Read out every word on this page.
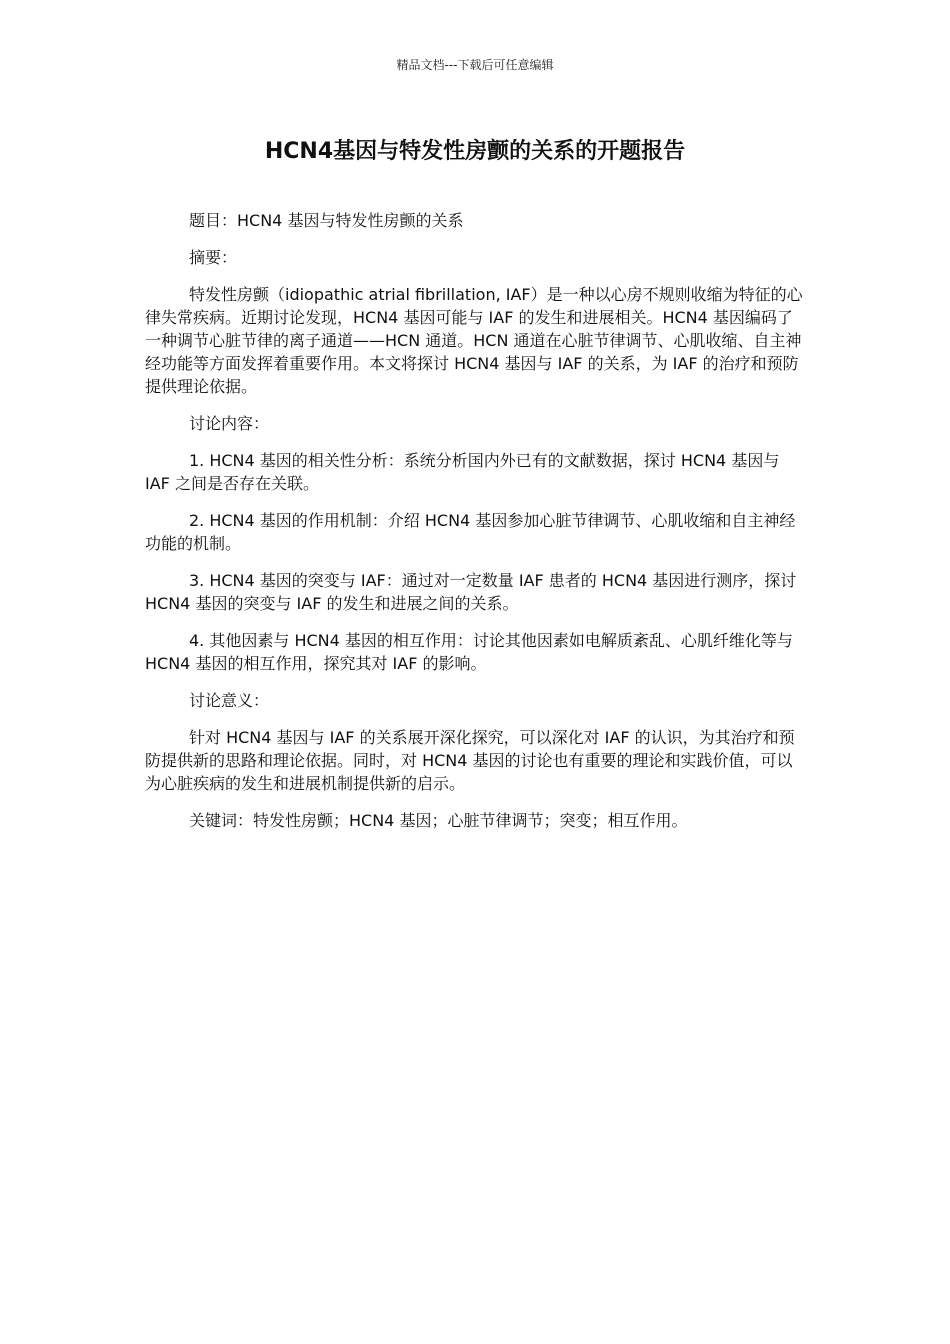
精品文档---下载后可任意编辑
HCN4基因与特发性房颤的关系的开题报告

题目：HCN4 基因与特发性房颤的关系

摘要：

特发性房颤（idiopathic atrial fibrillation, IAF）是一种以心房不规则收缩为特征的心律失常疾病。近期讨论发现，HCN4 基因可能与 IAF 的发生和进展相关。HCN4 基因编码了一种调节心脏节律的离子通道——HCN 通道。HCN 通道在心脏节律调节、心肌收缩、自主神经功能等方面发挥着重要作用。本文将探讨 HCN4 基因与 IAF 的关系，为 IAF 的治疗和预防提供理论依据。

讨论内容：

1. HCN4 基因的相关性分析：系统分析国内外已有的文献数据，探讨 HCN4 基因与 IAF 之间是否存在关联。

2. HCN4 基因的作用机制：介绍 HCN4 基因参加心脏节律调节、心肌收缩和自主神经功能的机制。

3. HCN4 基因的突变与 IAF：通过对一定数量 IAF 患者的 HCN4 基因进行测序，探讨 HCN4 基因的突变与 IAF 的发生和进展之间的关系。

4. 其他因素与 HCN4 基因的相互作用：讨论其他因素如电解质紊乱、心肌纤维化等与 HCN4 基因的相互作用，探究其对 IAF 的影响。

讨论意义：

针对 HCN4 基因与 IAF 的关系展开深化探究，可以深化对 IAF 的认识，为其治疗和预防提供新的思路和理论依据。同时，对 HCN4 基因的讨论也有重要的理论和实践价值，可以为心脏疾病的发生和进展机制提供新的启示。

关键词：特发性房颤；HCN4 基因；心脏节律调节；突变；相互作用。
